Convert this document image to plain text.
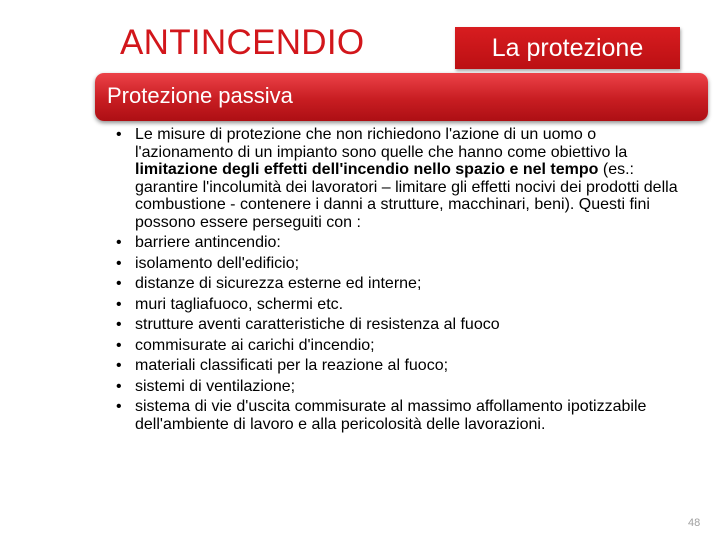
ANTINCENDIO	La protezione
Protezione passiva
• Le misure di protezione che non richiedono l'azione di un uomo o l'azionamento di un impianto sono quelle che hanno come obiettivo la limitazione degli effetti dell'incendio nello spazio e nel tempo (es.: garantire l'incolumità dei lavoratori – limitare gli effetti nocivi dei prodotti della combustione - contenere i danni a strutture, macchinari, beni). Questi fini possono essere perseguiti con :
• barriere antincendio:
• isolamento dell'edificio;
• distanze di sicurezza esterne ed interne;
• muri tagliafuoco, schermi etc.
• strutture aventi caratteristiche di resistenza al fuoco
• commisurate ai carichi d'incendio;
• materiali classificati per la reazione al fuoco;
• sistemi di ventilazione;
• sistema di vie d'uscita commisurate al massimo affollamento ipotizzabile dell'ambiente di lavoro e alla pericolosità delle lavorazioni.
48
